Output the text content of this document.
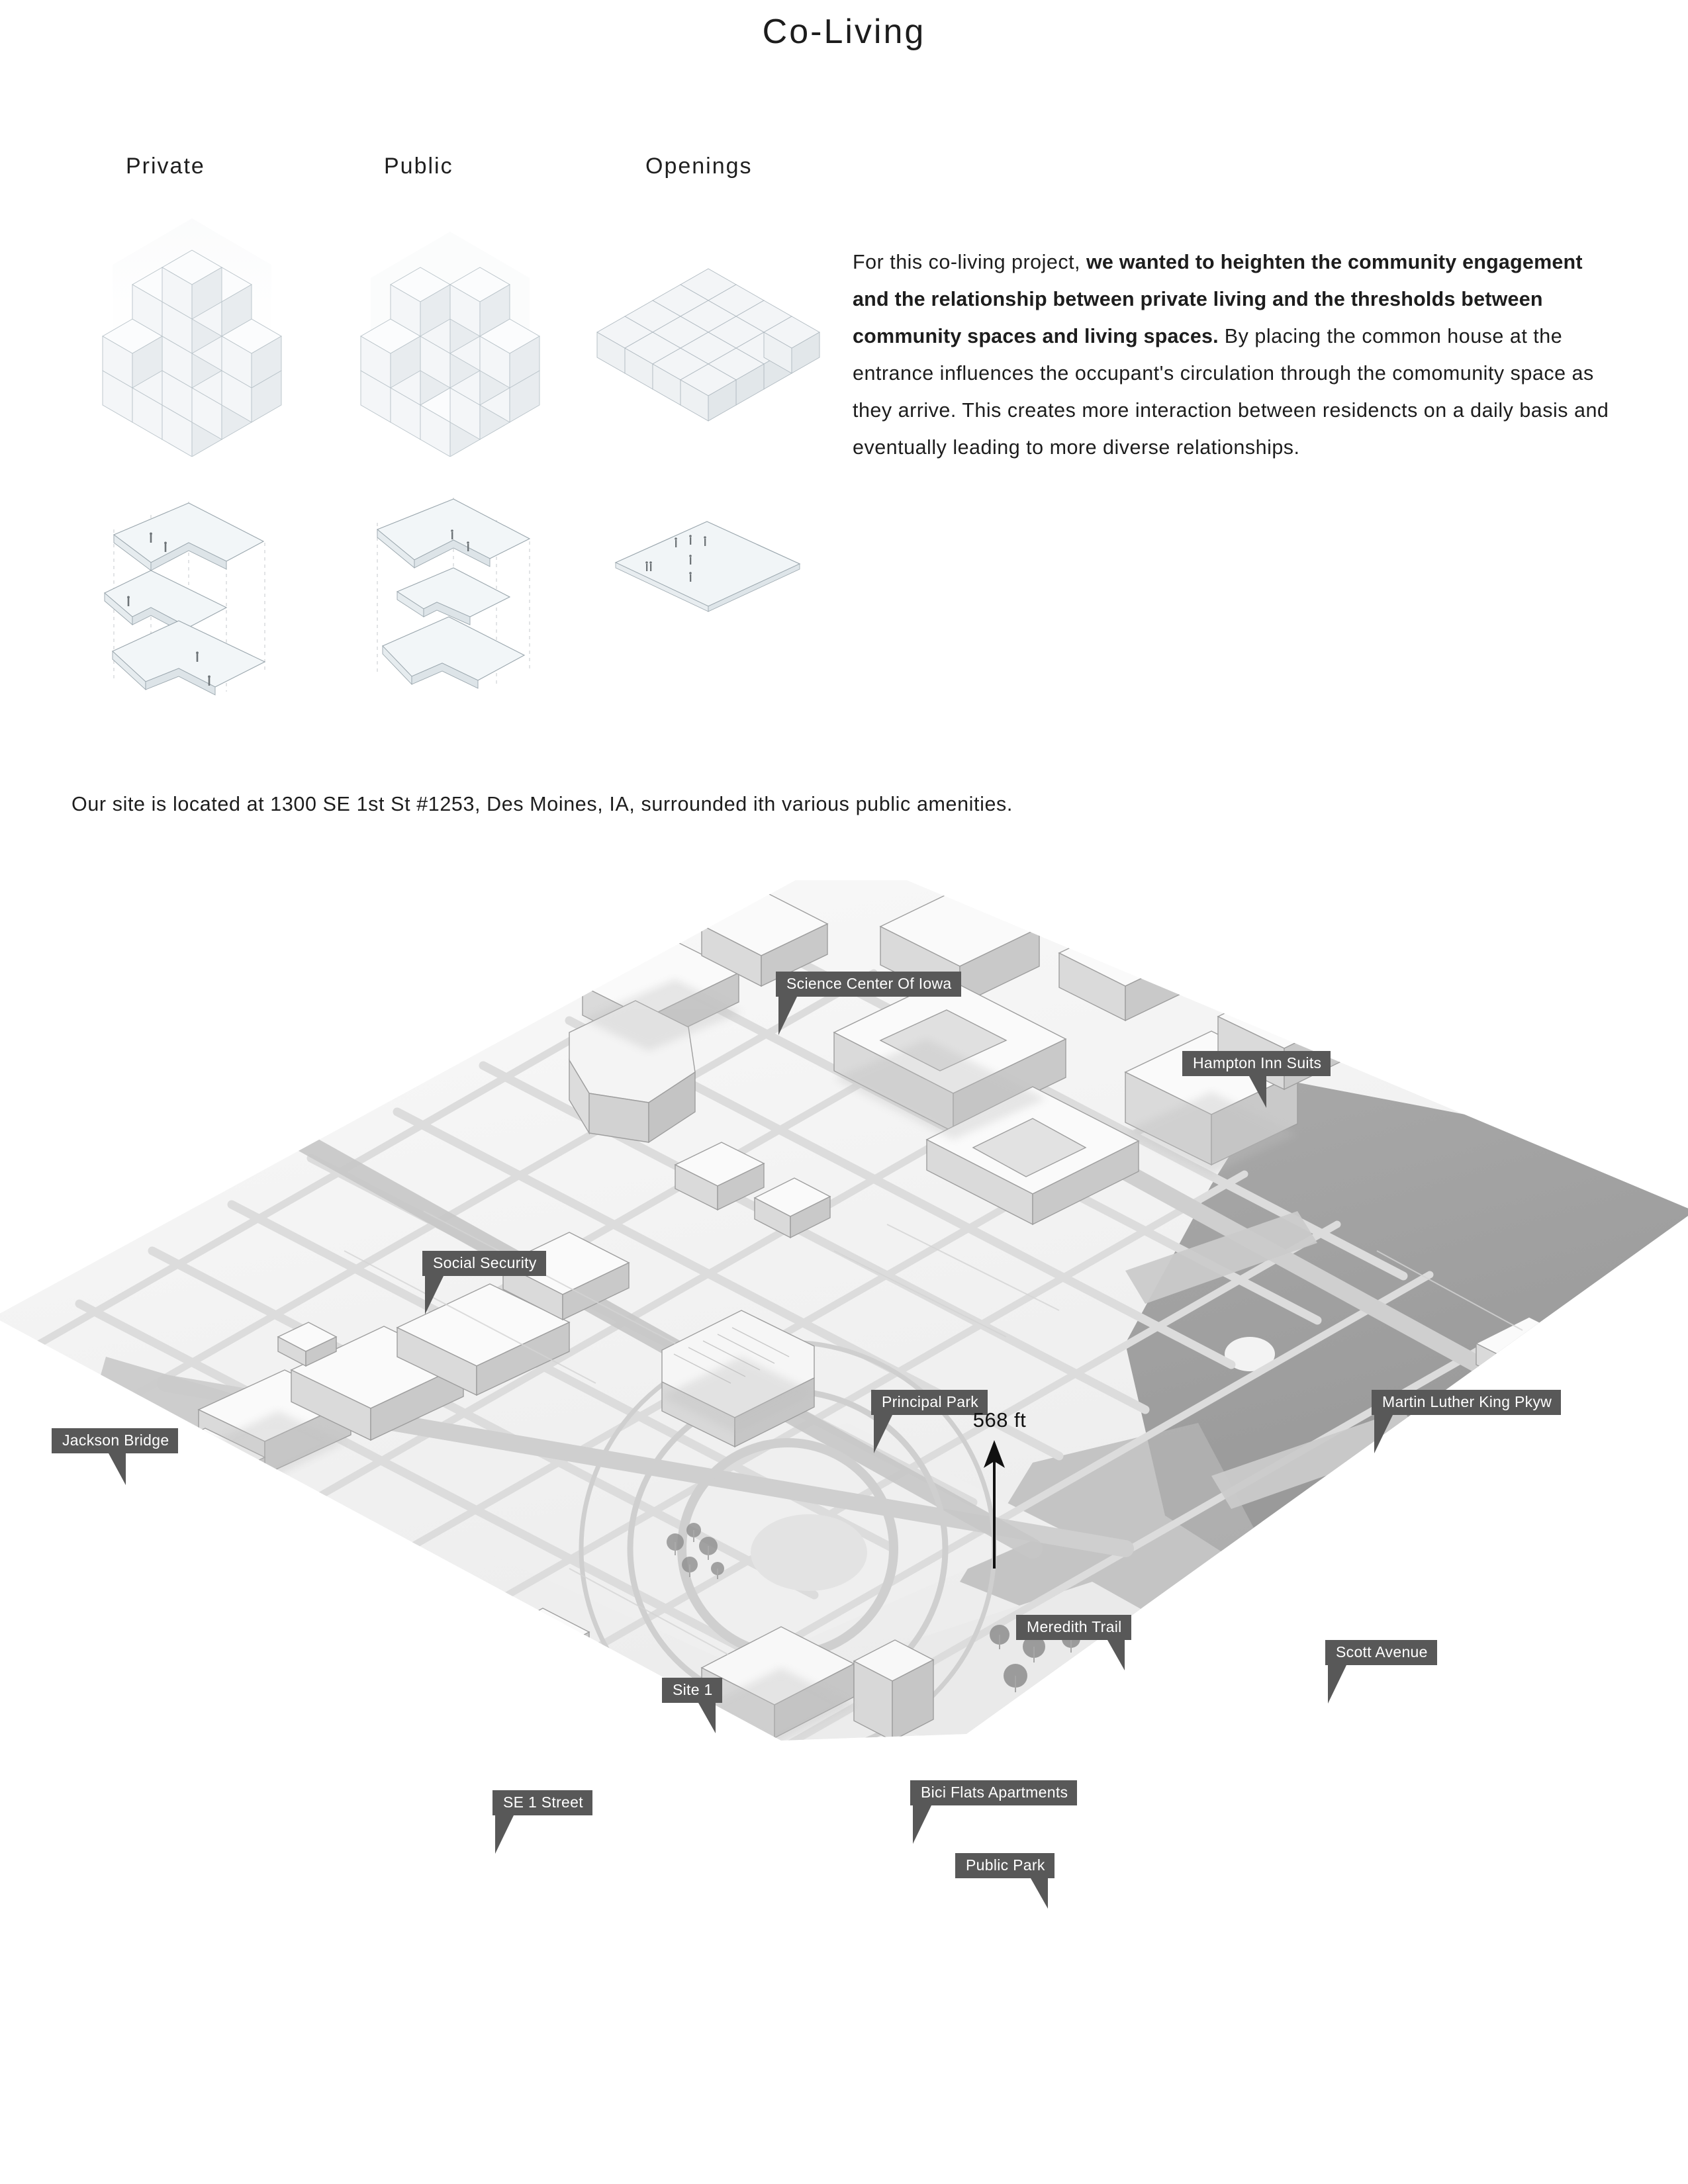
Co-Living
Private	Public	Openings
For this co-living project, we wanted to heighten the community engagement and the relationship between private living and the thresholds between community spaces and living spaces. By placing the common house at the entrance influences the occupant's circulation through the comomunity space as they arrive. This creates more interaction between residencts on a daily basis and eventually leading to more diverse relationships.
Our site is located at 1300 SE 1st St #1253, Des Moines, IA, surrounded ith various public amenities.
Science Center Of Iowa
Hampton Inn Suits
Social Security
Principal Park	Martin Luther King Pkyw
Jackson Bridge
Meredith Trail
Scott Avenue
Site 1
Bici Flats Apartments
SE 1 Street
Public Park
568 ft
